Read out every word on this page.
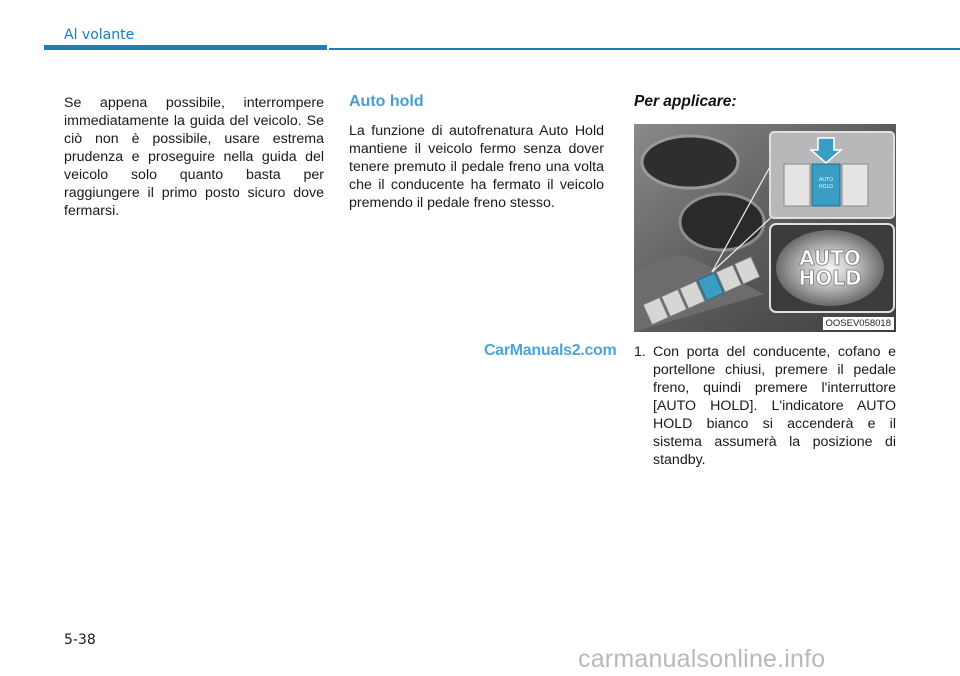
Al volante

Se appena possibile, interrompere immediatamente la guida del veicolo. Se ciò non è possibile, usare estrema prudenza e proseguire nella guida del veicolo solo quanto basta per raggiungere il primo posto sicuro dove fermarsi.

Auto hold

La funzione di autofrenatura Auto Hold mantiene il veicolo fermo senza dover tenere premuto il pedale freno una volta che il conducente ha fermato il veicolo premendo il pedale freno stesso.

Per applicare:
AUTO
HOLD
AUTO
HOLD
OOSEV058018
1. Con porta del conducente, cofano e portellone chiusi, premere il pedale freno, quindi premere l'interruttore [AUTO HOLD]. L'indicatore AUTO HOLD bianco si accenderà e il sistema assumerà la posizione di standby.
CarManuals2.com
5-38
carmanualsonline.info
